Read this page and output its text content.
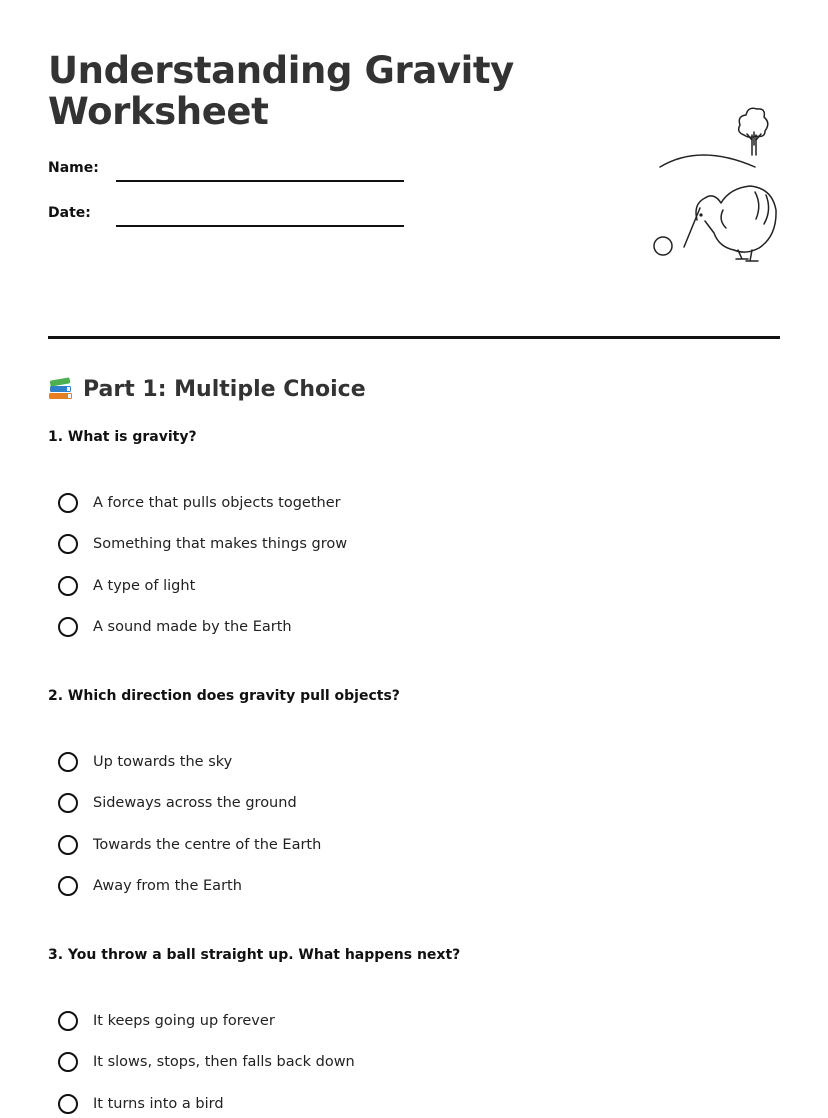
Understanding Gravity
Worksheet
Name:
Date:
Part 1: Multiple Choice
1. What is gravity?
A force that pulls objects together
Something that makes things grow
A type of light
A sound made by the Earth
2. Which direction does gravity pull objects?
Up towards the sky
Sideways across the ground
Towards the centre of the Earth
Away from the Earth
3. You throw a ball straight up. What happens next?
It keeps going up forever
It slows, stops, then falls back down
It turns into a bird
